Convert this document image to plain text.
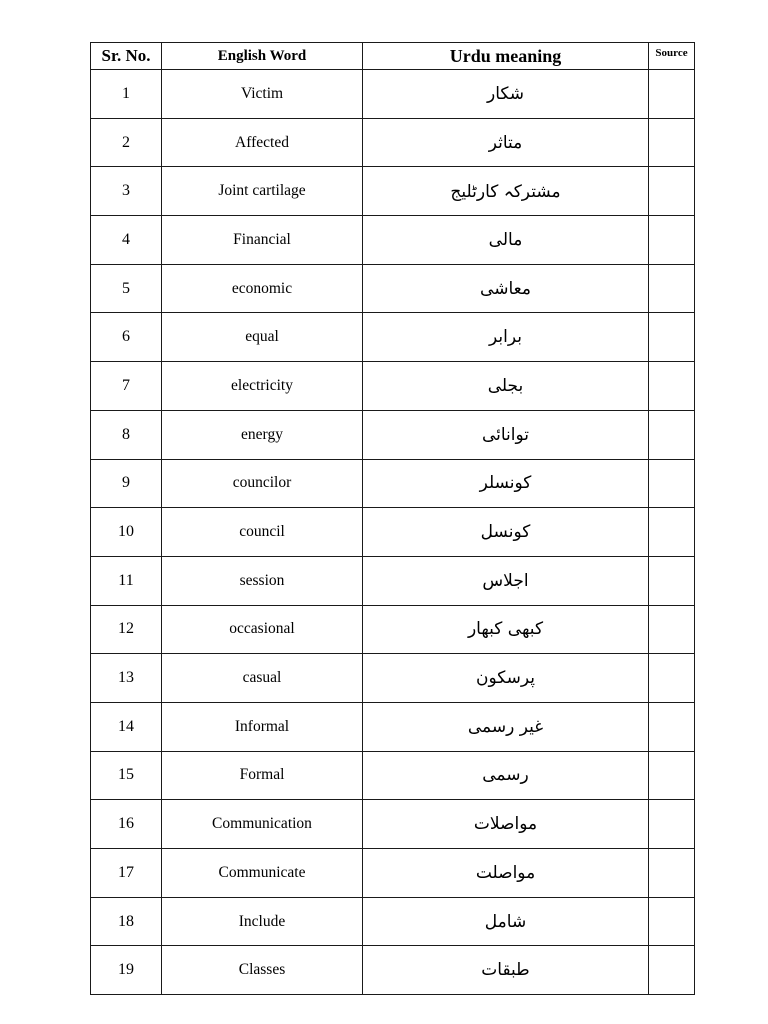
Sr. No.	English Word	Urdu meaning	Source
1	Victim	شکار	
2	Affected	متاثر	
3	Joint cartilage	مشترکہ کارٹلیج	
4	Financial	مالی	
5	economic	معاشی	
6	equal	برابر	
7	electricity	بجلی	
8	energy	توانائی	
9	councilor	کونسلر	
10	council	کونسل	
11	session	اجلاس	
12	occasional	کبھی کبھار	
13	casual	پرسکون	
14	Informal	غیر رسمی	
15	Formal	رسمی	
16	Communication	مواصلات	
17	Communicate	مواصلت	
18	Include	شامل	
19	Classes	طبقات	
